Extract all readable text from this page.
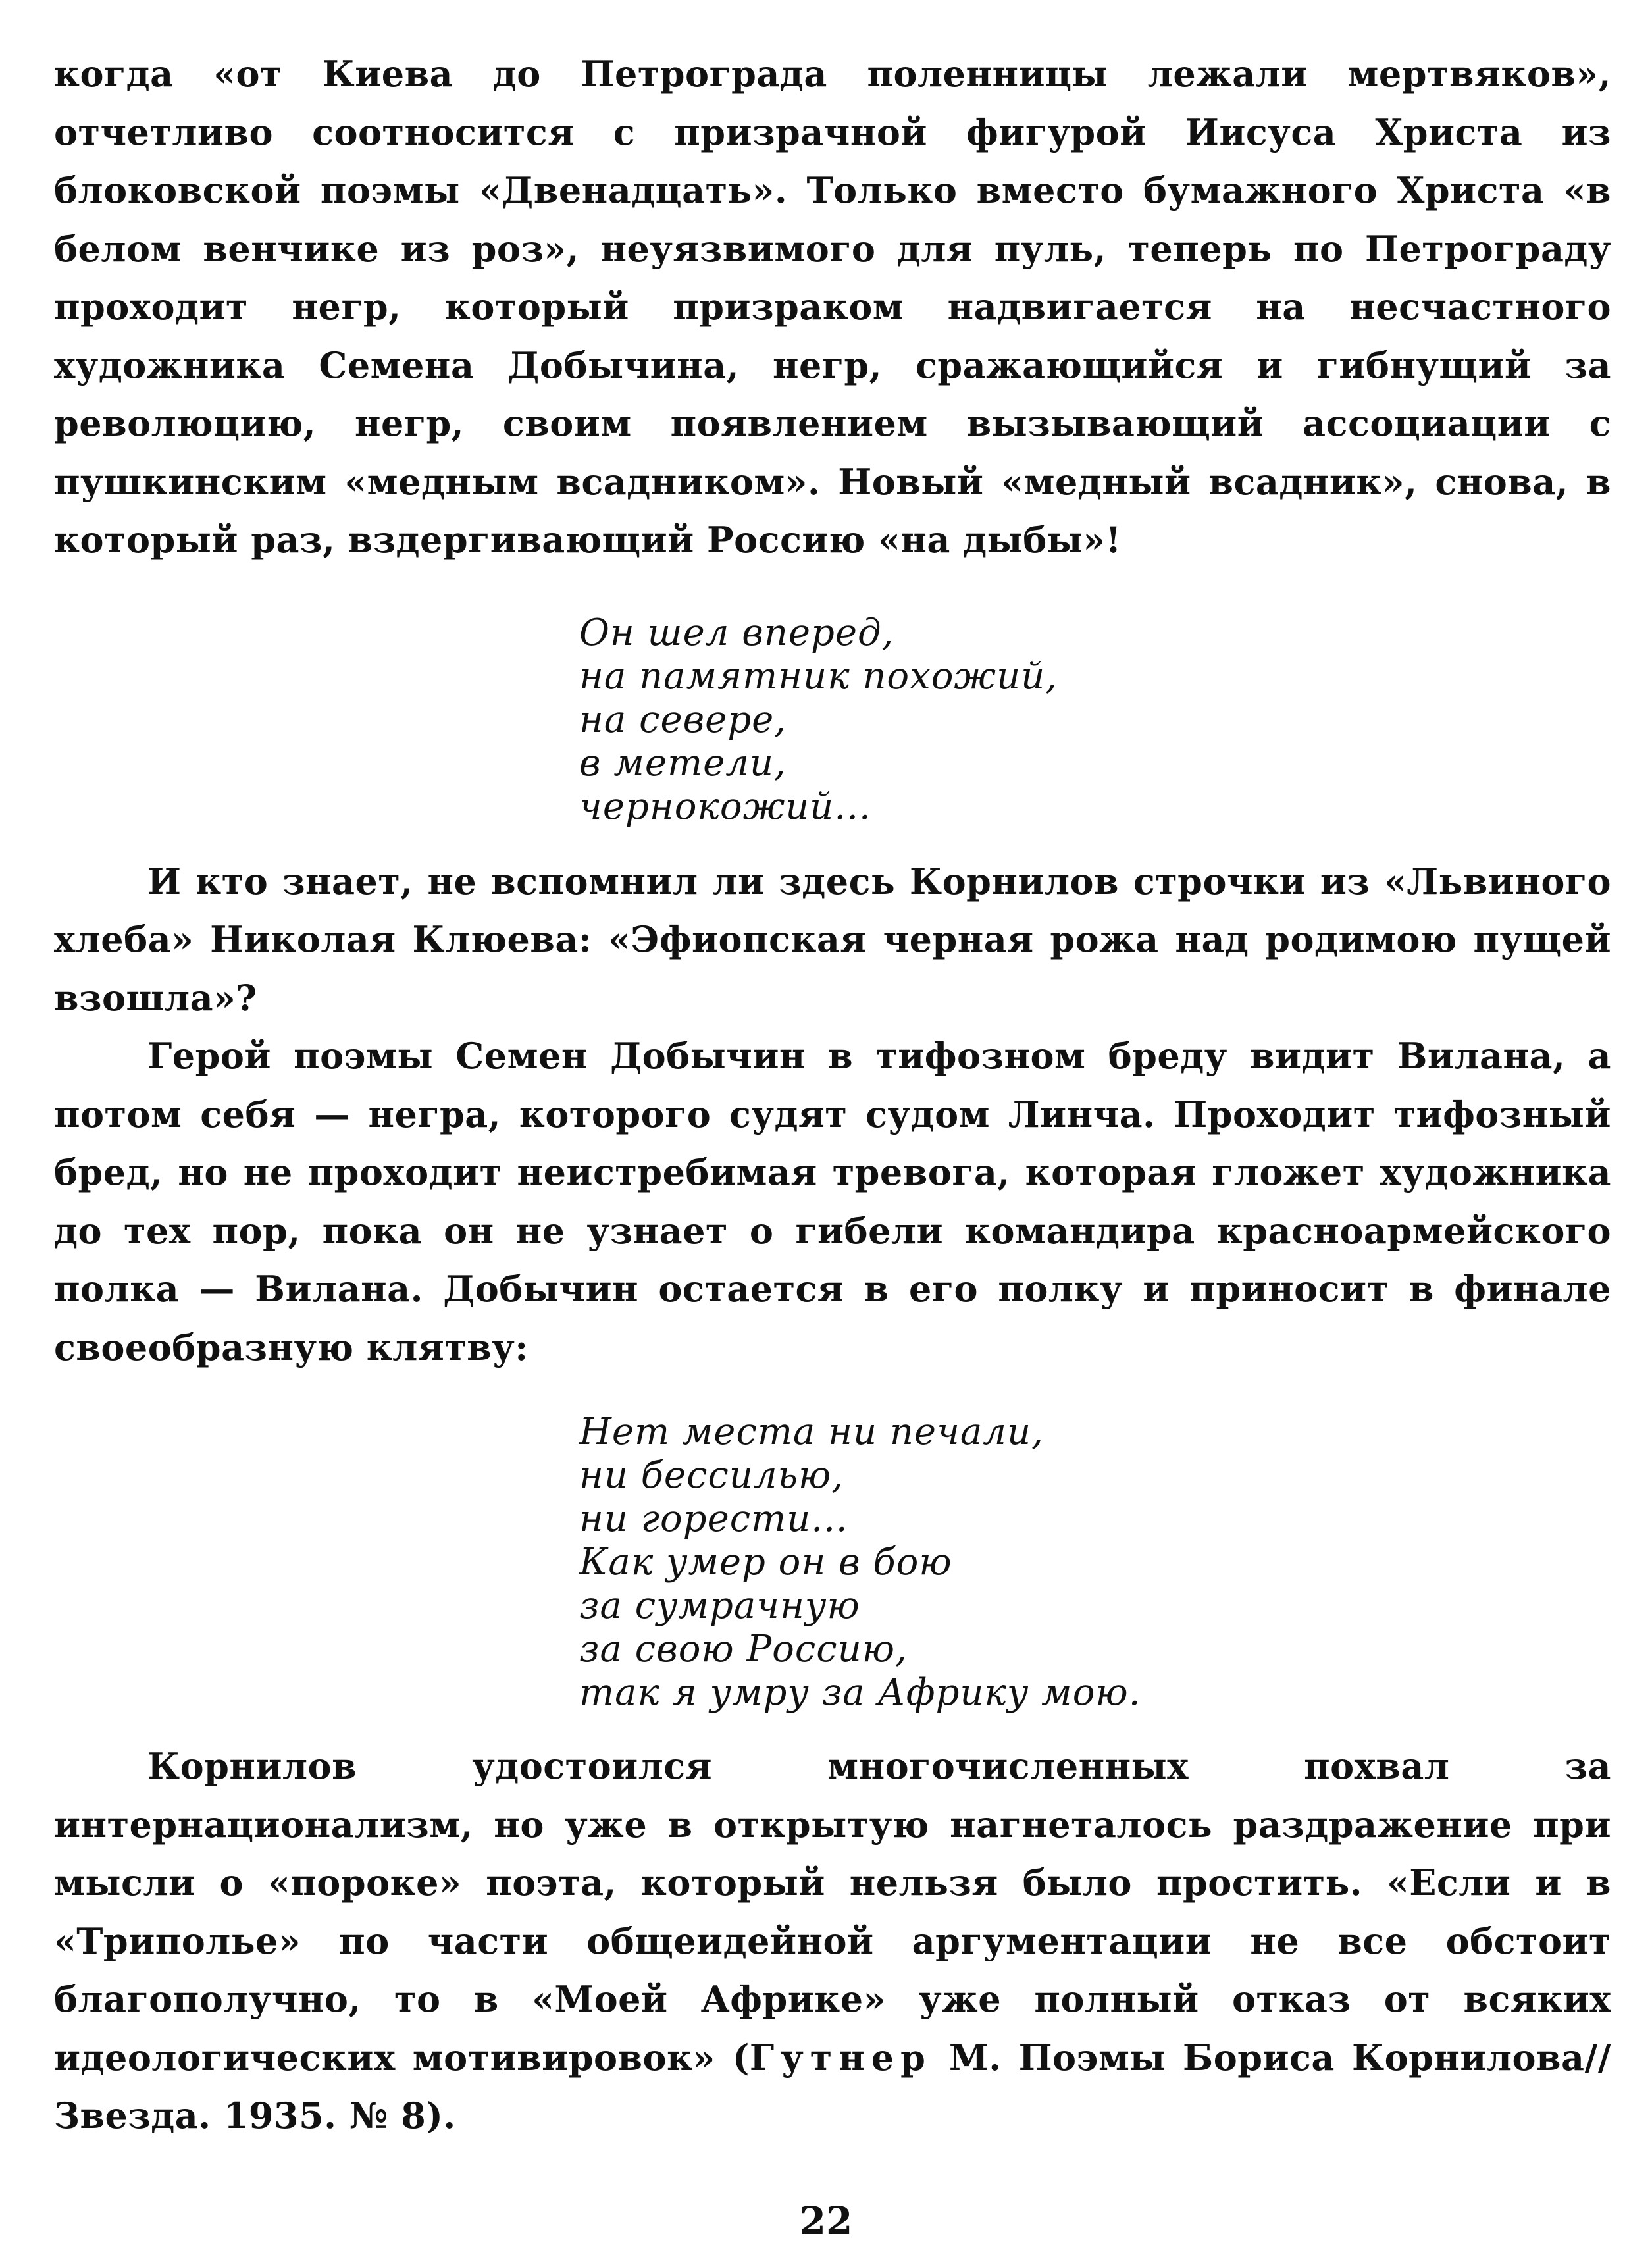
когда «от Киева до Петрограда поленницы лежали мертвяков», отчетливо соотносится с призрачной фигурой Иисуса Христа из блоковской поэмы «Двенадцать». Только вместо бумажного Христа «в белом венчике из роз», неуязвимого для пуль, теперь по Петрограду проходит негр, который призраком надвигается на несчастного художника Семена Добычина, негр, сражающийся и гибнущий за революцию, негр, своим появлением вызывающий ассоциации с пушкинским «медным всадником». Новый «медный всадник», снова, в который раз, вздергивающий Россию «на дыбы»!

Он шел вперед,
на памятник похожий,
на севере,
в метели,
чернокожий...

И кто знает, не вспомнил ли здесь Корнилов строчки из «Львиного хлеба» Николая Клюева: «Эфиопская черная рожа над родимою пущей взошла»?

Герой поэмы Семен Добычин в тифозном бреду видит Вилана, а потом себя — негра, которого судят судом Линча. Проходит тифозный бред, но не проходит неистребимая тревога, которая гложет художника до тех пор, пока он не узнает о гибели командира красноармейского полка — Вилана. Добычин остается в его полку и приносит в финале своеобразную клятву:

Нет места ни печали,
ни бессилью,
ни горести...
Как умер он в бою
за сумрачную
за свою Россию,
так я умру за Африку мою.

Корнилов удостоился многочисленных похвал за интернационализм, но уже в открытую нагнеталось раздражение при мысли о «пороке» поэта, который нельзя было простить. «Если и в «Триполье» по части общеидейной аргументации не все обстоит благополучно, то в «Моей Африке» уже полный отказ от всяких идеологических мотивировок» (Гутнер М. Поэмы Бориса Корнилова//Звезда. 1935. № 8).

22
